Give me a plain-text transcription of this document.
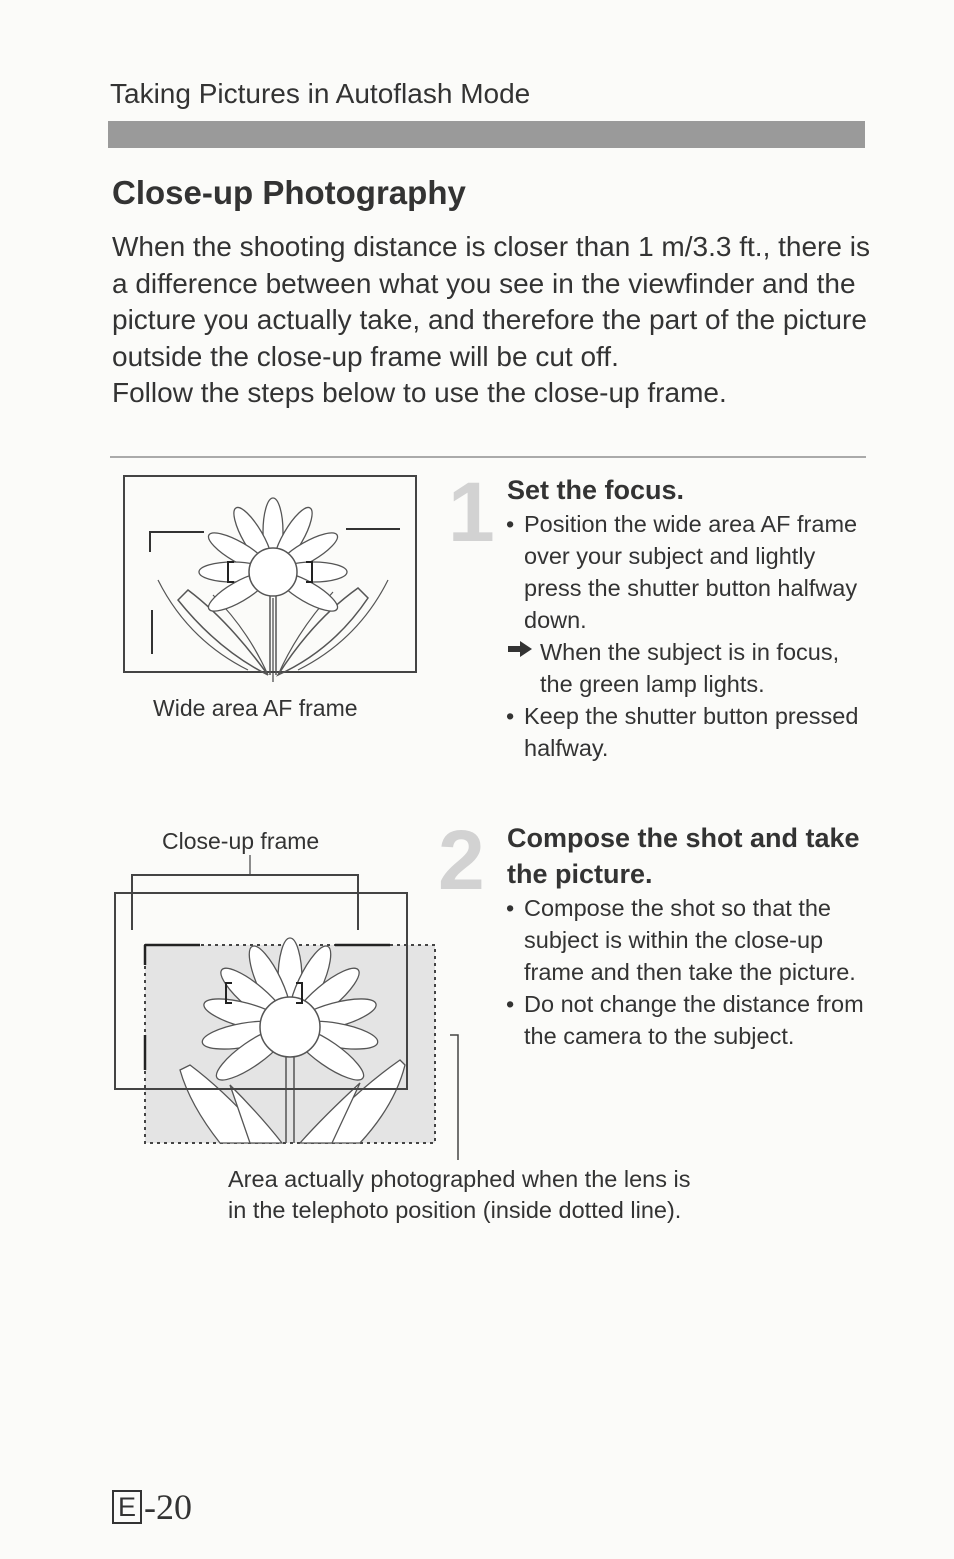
Taking Pictures in Autoflash Mode
Close-up Photography

When the shooting distance is closer than 1 m/3.3 ft., there is a difference between what you see in the viewfinder and the picture you actually take, and therefore the part of the picture outside the close-up frame will be cut off.

Follow the steps below to use the close-up frame.

Wide area AF frame
1 Set the focus.
• Position the wide area AF frame over your subject and lightly press the shutter button halfway down.
When the subject is in focus, the green lamp lights.
• Keep the shutter button pressed halfway.
Close-up frame 2 Compose the shot and take the picture.
• Compose the shot so that the subject is within the close-up frame and then take the picture.
• Do not change the distance from the camera to the subject.

Area actually photographed when the lens is

in the telephoto position (inside dotted line).

E -20
